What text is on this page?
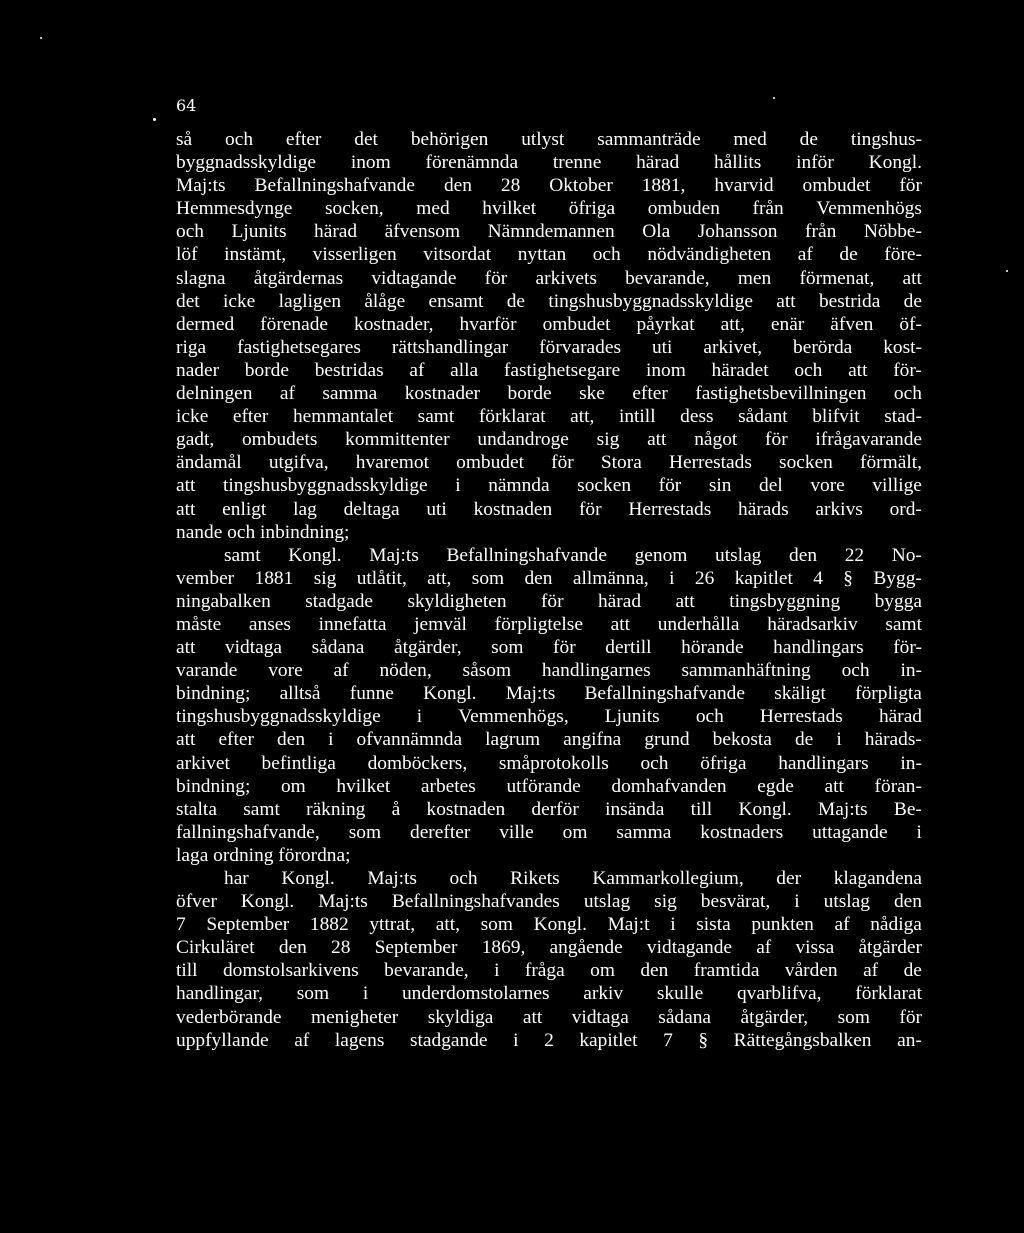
64
så och efter det behörigen utlyst sammanträde med de tingshus-
byggnadsskyldige inom förenämnda trenne härad hållits inför Kongl.
Maj:ts Befallningshafvande den 28 Oktober 1881, hvarvid ombudet för
Hemmesdynge socken, med hvilket öfriga ombuden från Vemmenhögs
och Ljunits härad äfvensom Nämndemannen Ola Johansson från Nöbbe-
löf instämt, visserligen vitsordat nyttan och nödvändigheten af de före-
slagna åtgärdernas vidtagande för arkivets bevarande, men förmenat, att
det icke lagligen ålåge ensamt de tingshusbyggnadsskyldige att bestrida de
dermed förenade kostnader, hvarför ombudet påyrkat att, enär äfven öf-
riga fastighetsegares rättshandlingar förvarades uti arkivet, berörda kost-
nader borde bestridas af alla fastighetsegare inom häradet och att för-
delningen af samma kostnader borde ske efter fastighetsbevillningen och
icke efter hemmantalet samt förklarat att, intill dess sådant blifvit stad-
gadt, ombudets kommittenter undandroge sig att något för ifrågavarande
ändamål utgifva, hvaremot ombudet för Stora Herrestads socken förmält,
att tingshusbyggnadsskyldige i nämnda socken för sin del vore villige
att enligt lag deltaga uti kostnaden för Herrestads härads arkivs ord-
nande och inbindning;
samt Kongl. Maj:ts Befallningshafvande genom utslag den 22 No-
vember 1881 sig utlåtit, att, som den allmänna, i 26 kapitlet 4 § Bygg-
ningabalken stadgade skyldigheten för härad att tingsbyggning bygga
måste anses innefatta jemväl förpligtelse att underhålla häradsarkiv samt
att vidtaga sådana åtgärder, som för dertill hörande handlingars för-
varande vore af nöden, såsom handlingarnes sammanhäftning och in-
bindning; alltså funne Kongl. Maj:ts Befallningshafvande skäligt förpligta
tingshusbyggnadsskyldige i Vemmenhögs, Ljunits och Herrestads härad
att efter den i ofvannämnda lagrum angifna grund bekosta de i härads-
arkivet befintliga domböckers, småprotokolls och öfriga handlingars in-
bindning; om hvilket arbetes utförande domhafvanden egde att föran-
stalta samt räkning å kostnaden derför insända till Kongl. Maj:ts Be-
fallningshafvande, som derefter ville om samma kostnaders uttagande i
laga ordning förordna;
har Kongl. Maj:ts och Rikets Kammarkollegium, der klagandena
öfver Kongl. Maj:ts Befallningshafvandes utslag sig besvärat, i utslag den
7 September 1882 yttrat, att, som Kongl. Maj:t i sista punkten af nådiga
Cirkuläret den 28 September 1869, angående vidtagande af vissa åtgärder
till domstolsarkivens bevarande, i fråga om den framtida vården af de
handlingar, som i underdomstolarnes arkiv skulle qvarblifva, förklarat
vederbörande menigheter skyldiga att vidtaga sådana åtgärder, som för
uppfyllande af lagens stadgande i 2 kapitlet 7 § Rättegångsbalken an-
